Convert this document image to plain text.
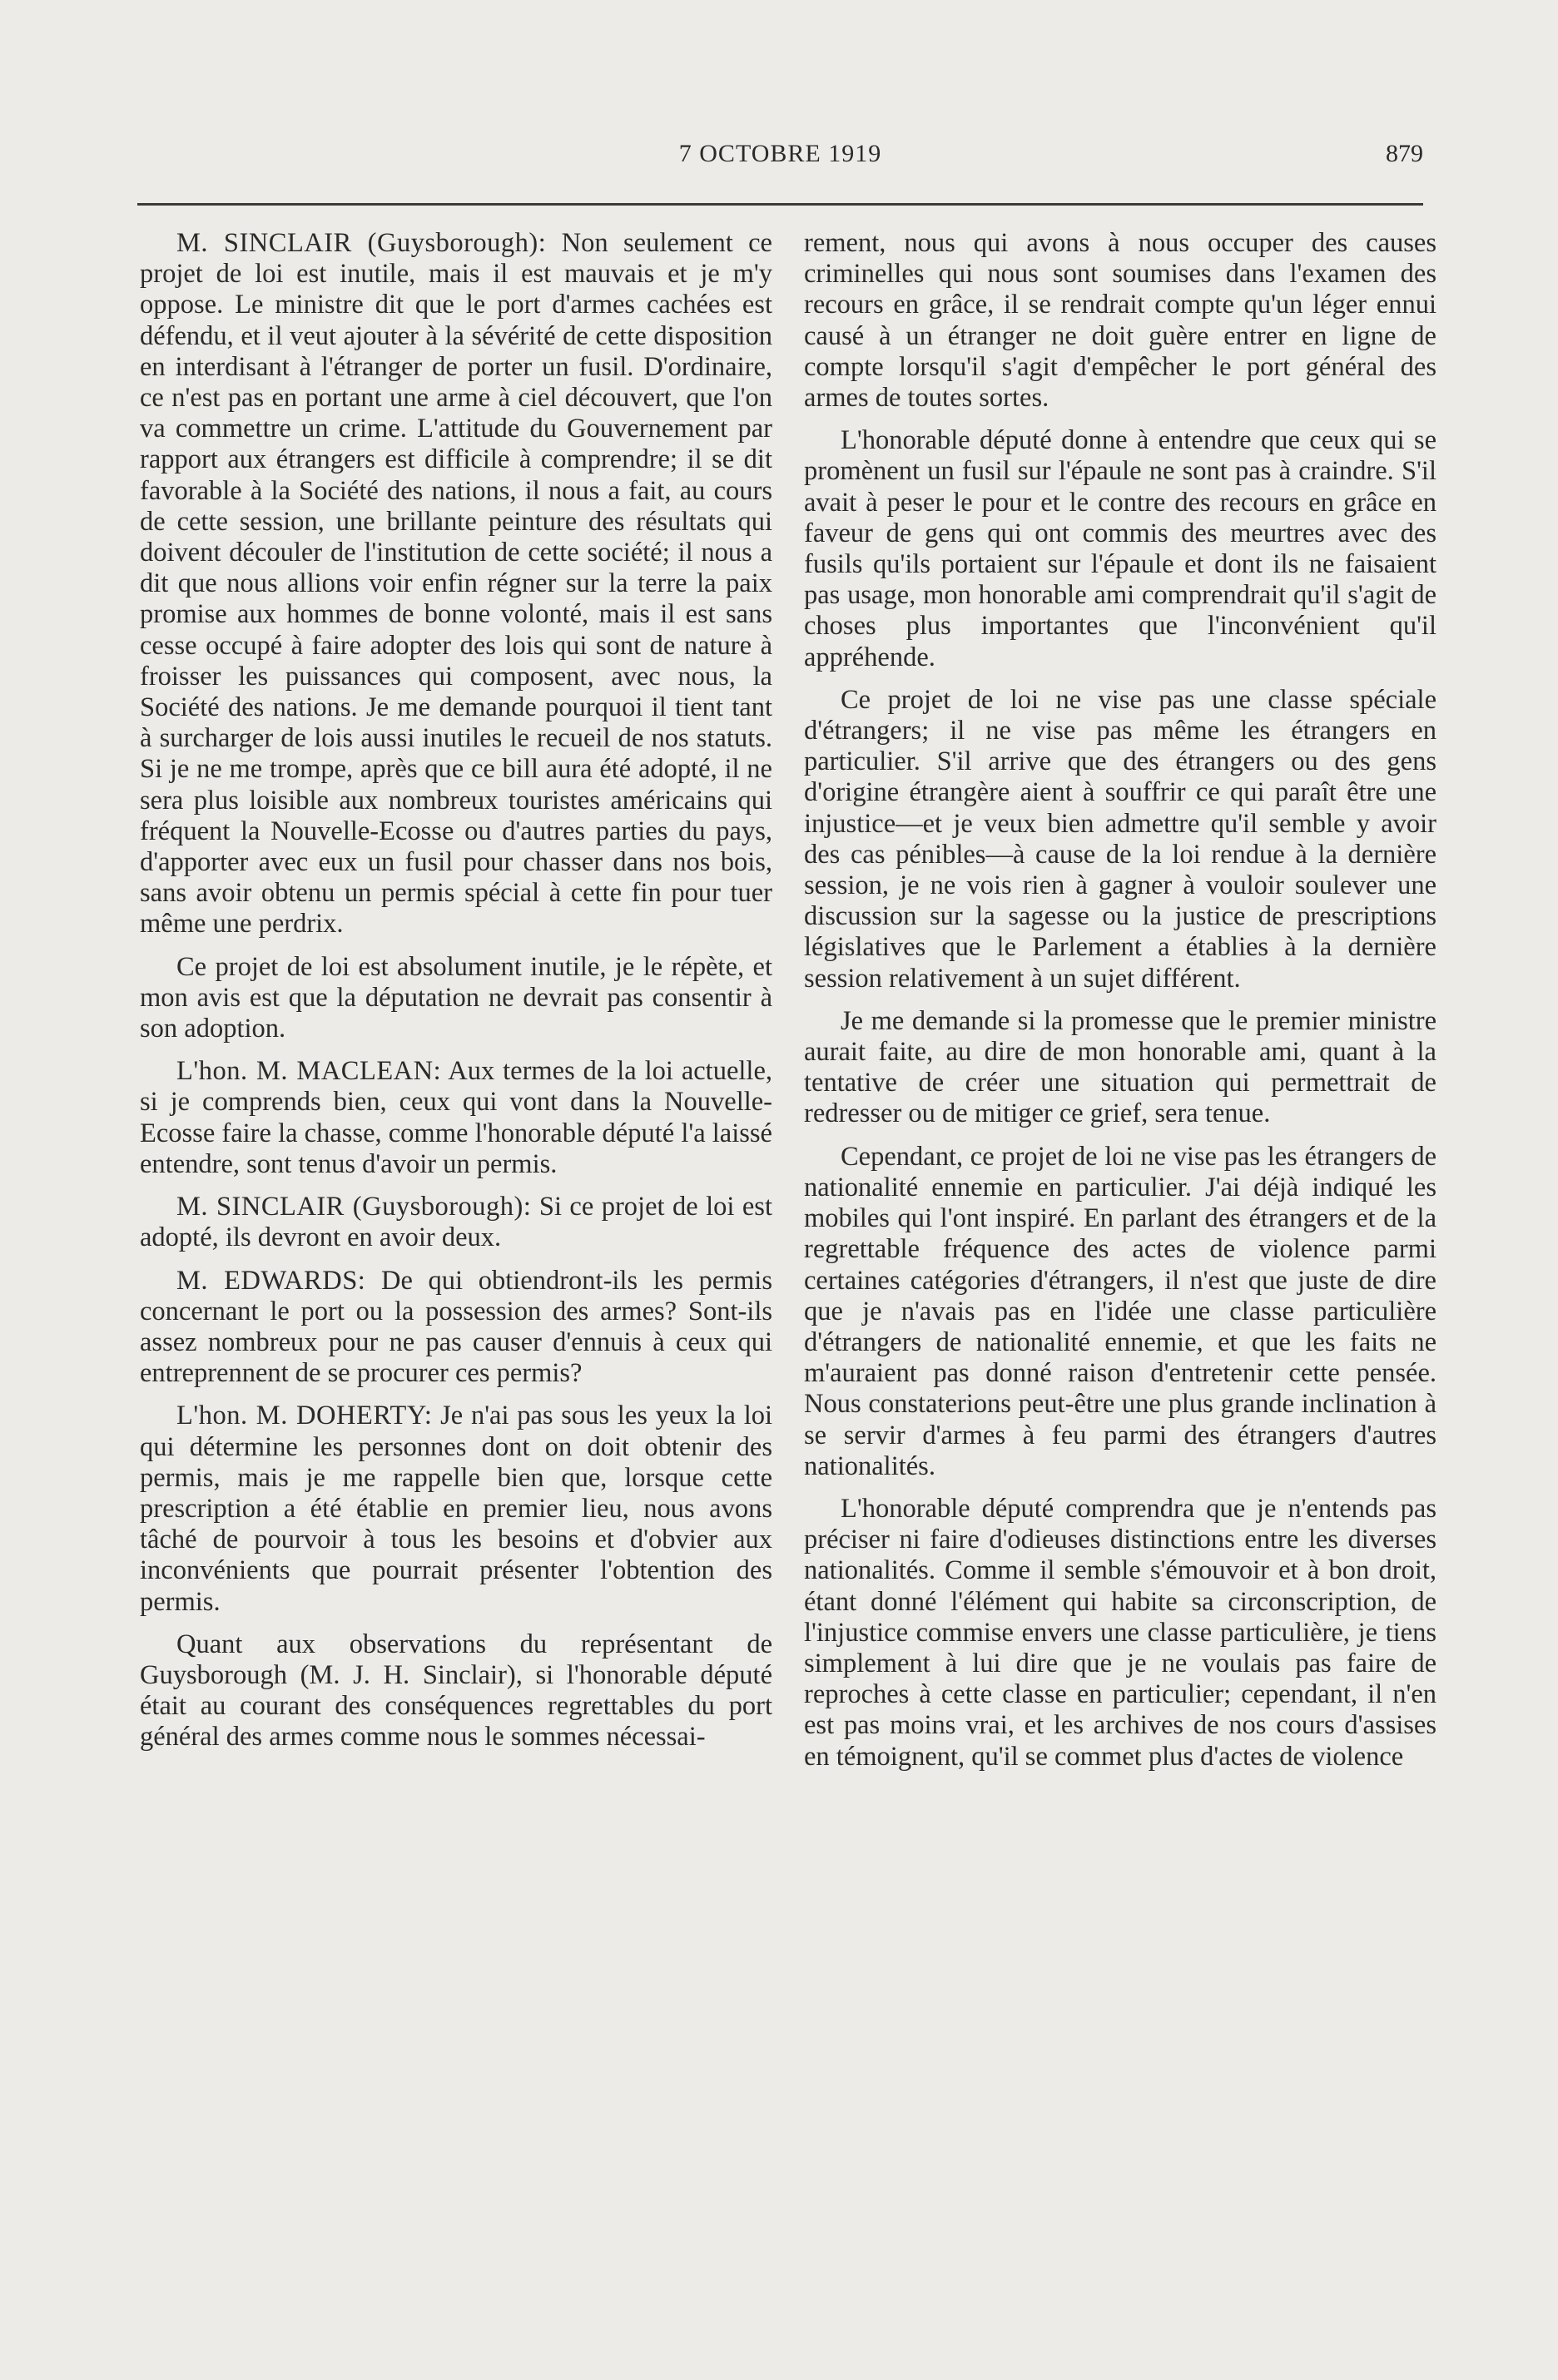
7 OCTOBRE 1919	879

M. SINCLAIR (Guysborough): Non seulement ce projet de loi est inutile, mais il est mauvais et je m'y oppose. Le ministre dit que le port d'armes cachées est défendu, et il veut ajouter à la sévérité de cette disposition en interdisant à l'étranger de porter un fusil. D'ordinaire, ce n'est pas en portant une arme à ciel découvert, que l'on va commettre un crime. L'attitude du Gouvernement par rapport aux étrangers est difficile à comprendre; il se dit favorable à la Société des nations, il nous a fait, au cours de cette session, une brillante peinture des résultats qui doivent découler de l'institution de cette société; il nous a dit que nous allions voir enfin régner sur la terre la paix promise aux hommes de bonne volonté, mais il est sans cesse occupé à faire adopter des lois qui sont de nature à froisser les puissances qui composent, avec nous, la Société des nations. Je me demande pourquoi il tient tant à surcharger de lois aussi inutiles le recueil de nos statuts. Si je ne me trompe, après que ce bill aura été adopté, il ne sera plus loisible aux nombreux touristes américains qui fréquent la Nouvelle-Ecosse ou d'autres parties du pays, d'apporter avec eux un fusil pour chasser dans nos bois, sans avoir obtenu un permis spécial à cette fin pour tuer même une perdrix.

Ce projet de loi est absolument inutile, je le répète, et mon avis est que la députation ne devrait pas consentir à son adoption.

L'hon. M. MACLEAN: Aux termes de la loi actuelle, si je comprends bien, ceux qui vont dans la Nouvelle-Ecosse faire la chasse, comme l'honorable député l'a laissé entendre, sont tenus d'avoir un permis.

M. SINCLAIR (Guysborough): Si ce projet de loi est adopté, ils devront en avoir deux.

M. EDWARDS: De qui obtiendront-ils les permis concernant le port ou la possession des armes? Sont-ils assez nombreux pour ne pas causer d'ennuis à ceux qui entreprennent de se procurer ces permis?

L'hon. M. DOHERTY: Je n'ai pas sous les yeux la loi qui détermine les personnes dont on doit obtenir des permis, mais je me rappelle bien que, lorsque cette prescription a été établie en premier lieu, nous avons tâché de pourvoir à tous les besoins et d'obvier aux inconvénients que pourrait présenter l'obtention des permis.

Quant aux observations du représentant de Guysborough (M. J. H. Sinclair), si l'honorable député était au courant des conséquences regrettables du port général des armes comme nous le sommes nécessai-

rement, nous qui avons à nous occuper des causes criminelles qui nous sont soumises dans l'examen des recours en grâce, il se rendrait compte qu'un léger ennui causé à un étranger ne doit guère entrer en ligne de compte lorsqu'il s'agit d'empêcher le port général des armes de toutes sortes.

L'honorable député donne à entendre que ceux qui se promènent un fusil sur l'épaule ne sont pas à craindre. S'il avait à peser le pour et le contre des recours en grâce en faveur de gens qui ont commis des meurtres avec des fusils qu'ils portaient sur l'épaule et dont ils ne faisaient pas usage, mon honorable ami comprendrait qu'il s'agit de choses plus importantes que l'inconvénient qu'il appréhende.

Ce projet de loi ne vise pas une classe spéciale d'étrangers; il ne vise pas même les étrangers en particulier. S'il arrive que des étrangers ou des gens d'origine étrangère aient à souffrir ce qui paraît être une injustice—et je veux bien admettre qu'il semble y avoir des cas pénibles—à cause de la loi rendue à la dernière session, je ne vois rien à gagner à vouloir soulever une discussion sur la sagesse ou la justice de prescriptions législatives que le Parlement a établies à la dernière session relativement à un sujet différent.

Je me demande si la promesse que le premier ministre aurait faite, au dire de mon honorable ami, quant à la tentative de créer une situation qui permettrait de redresser ou de mitiger ce grief, sera tenue.

Cependant, ce projet de loi ne vise pas les étrangers de nationalité ennemie en particulier. J'ai déjà indiqué les mobiles qui l'ont inspiré. En parlant des étrangers et de la regrettable fréquence des actes de violence parmi certaines catégories d'étrangers, il n'est que juste de dire que je n'avais pas en l'idée une classe particulière d'étrangers de nationalité ennemie, et que les faits ne m'auraient pas donné raison d'entretenir cette pensée. Nous constaterions peut-être une plus grande inclination à se servir d'armes à feu parmi des étrangers d'autres nationalités.

L'honorable député comprendra que je n'entends pas préciser ni faire d'odieuses distinctions entre les diverses nationalités. Comme il semble s'émouvoir et à bon droit, étant donné l'élément qui habite sa circonscription, de l'injustice commise envers une classe particulière, je tiens simplement à lui dire que je ne voulais pas faire de reproches à cette classe en particulier; cependant, il n'en est pas moins vrai, et les archives de nos cours d'assises en témoignent, qu'il se commet plus d'actes de violence
